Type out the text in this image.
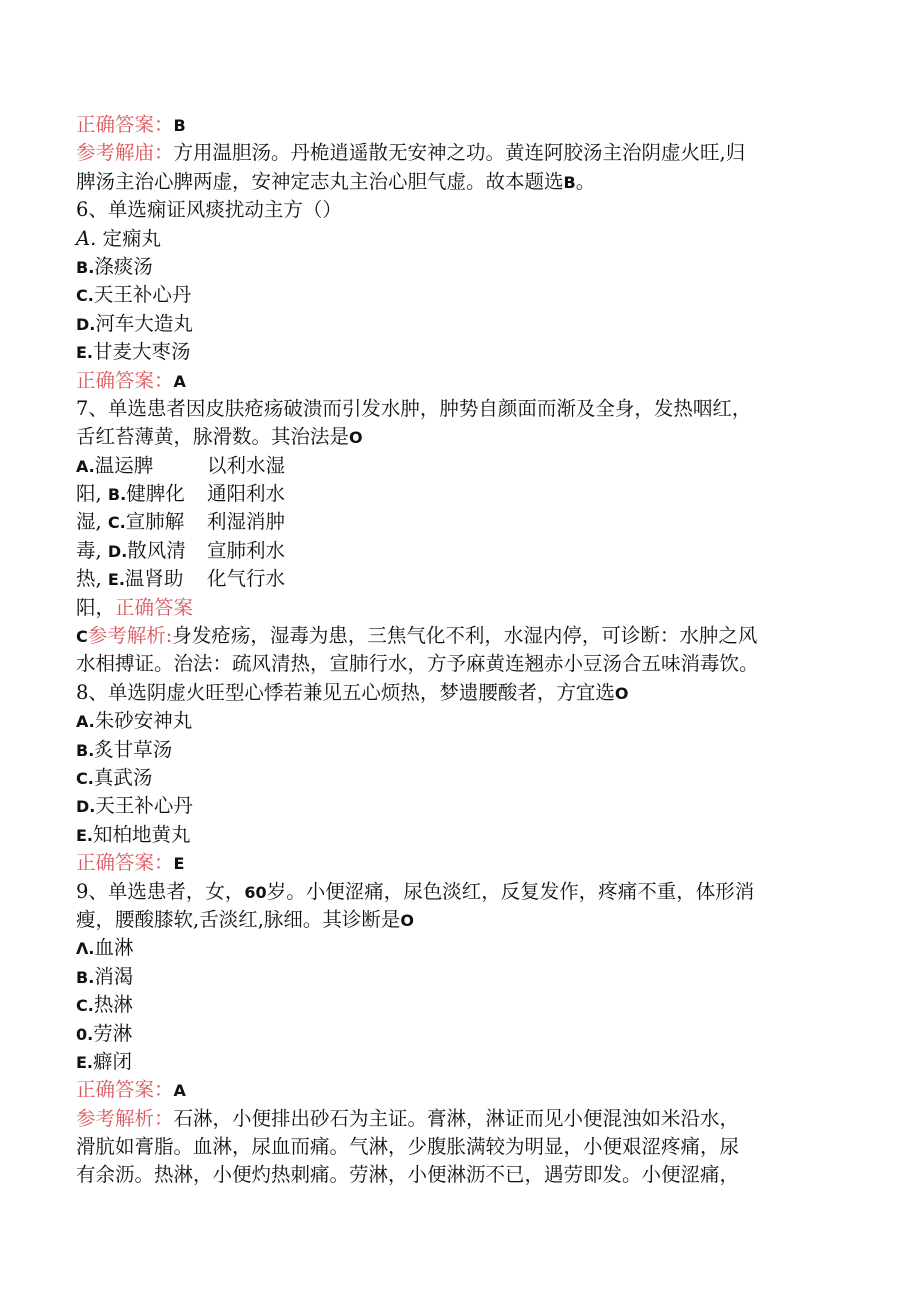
正确答案：B

参考解庙：方用温胆汤。丹桅逍遥散无安神之功。黄连阿胶汤主治阴虚火旺,归

脾汤主治心脾两虚，安神定志丸主治心胆气虚。故本题选B。

6、单选痫证风痰扰动主方（）

A. 定痫丸

B.涤痰汤

C.天王补心丹

D.河车大造丸

E.甘麦大枣汤

正确答案：A

7、单选患者因皮肤疮疡破溃而引发水肿，肿势自颜面而渐及全身，发热咽红，

舌红苔薄黄，脉滑数。其治法是O

A.温运脾	以利水湿

阳, B.健脾化 通阳利水

湿, C.宣肺解 利湿消肿

毒, D.散风清 宣肺利水

热, E.温肾助 化气行水

阳，正确答案

C参考解析:身发疮疡，湿毒为患，三焦气化不利，水湿内停，可诊断：水肿之风

水相搏证。治法：疏风清热，宣肺行水，方予麻黄连翘赤小豆汤合五味消毒饮。

8、单选阴虚火旺型心悸若兼见五心烦热，梦遗腰酸者，方宜选O

A.朱砂安神丸

B.炙甘草汤

C.真武汤

D.天王补心丹

E.知柏地黄丸

正确答案：E

9、单选患者，女，60岁。小便涩痛，尿色淡红，反复发作，疼痛不重，体形消

瘦，腰酸膝软,舌淡红,脉细。其诊断是O

Λ.血淋

B.消渴

C.热淋

0.劳淋

E.癖闭

正确答案：A

参考解析：石淋，小便排出砂石为主证。膏淋，淋证而见小便混浊如米沿水，

滑肮如膏脂。血淋，尿血而痛。气淋，少腹胀满较为明显，小便艰涩疼痛，尿

有余沥。热淋，小便灼热刺痛。劳淋，小便淋沥不已，遇劳即发。小便涩痛，
